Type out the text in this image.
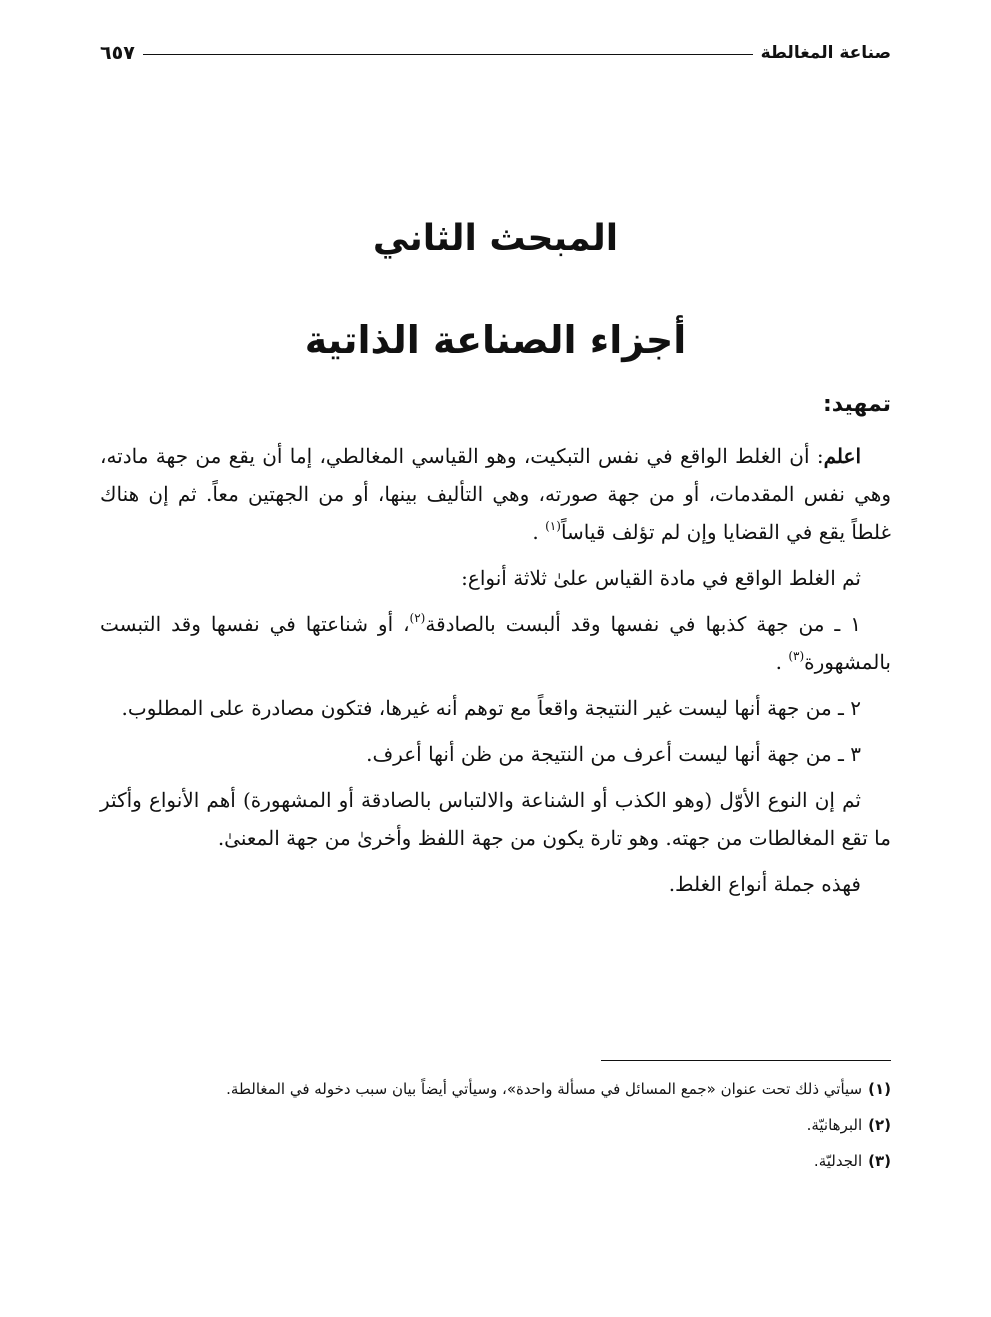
صناعة المغالطة
٦٥٧
المبحث الثاني
أجزاء الصناعة الذاتية
تمهيد:

اعلم: أن الغلط الواقع في نفس التبكيت، وهو القياسي المغالطي، إما أن يقع من جهة مادته، وهي نفس المقدمات، أو من جهة صورته، وهي التأليف بينها، أو من الجهتين معاً. ثم إن هناك غلطاً يقع في القضايا وإن لم تؤلف قياساً$^{(١)}$ .

ثم الغلط الواقع في مادة القياس علىٰ ثلاثة أنواع:

١ ـ من جهة كذبها في نفسها وقد ألبست بالصادقة$^{(٢)}$، أو شناعتها في نفسها وقد التبست بالمشهورة$^{(٣)}$ .

٢ ـ من جهة أنها ليست غير النتيجة واقعاً مع توهم أنه غيرها، فتكون مصادرة على المطلوب.

٣ ـ من جهة أنها ليست أعرف من النتيجة من ظن أنها أعرف.

ثم إن النوع الأوّل (وهو الكذب أو الشناعة والالتباس بالصادقة أو المشهورة) أهم الأنواع وأكثر ما تقع المغالطات من جهته. وهو تارة يكون من جهة اللفظ وأخرىٰ من جهة المعنىٰ.

فهذه جملة أنواع الغلط.

(١)سيأتي ذلك تحت عنوان «جمع المسائل في مسألة واحدة»، وسيأتي أيضاً بيان سبب دخوله في المغالطة.

(٢)البرهانيّة.

(٣)الجدليّة.
